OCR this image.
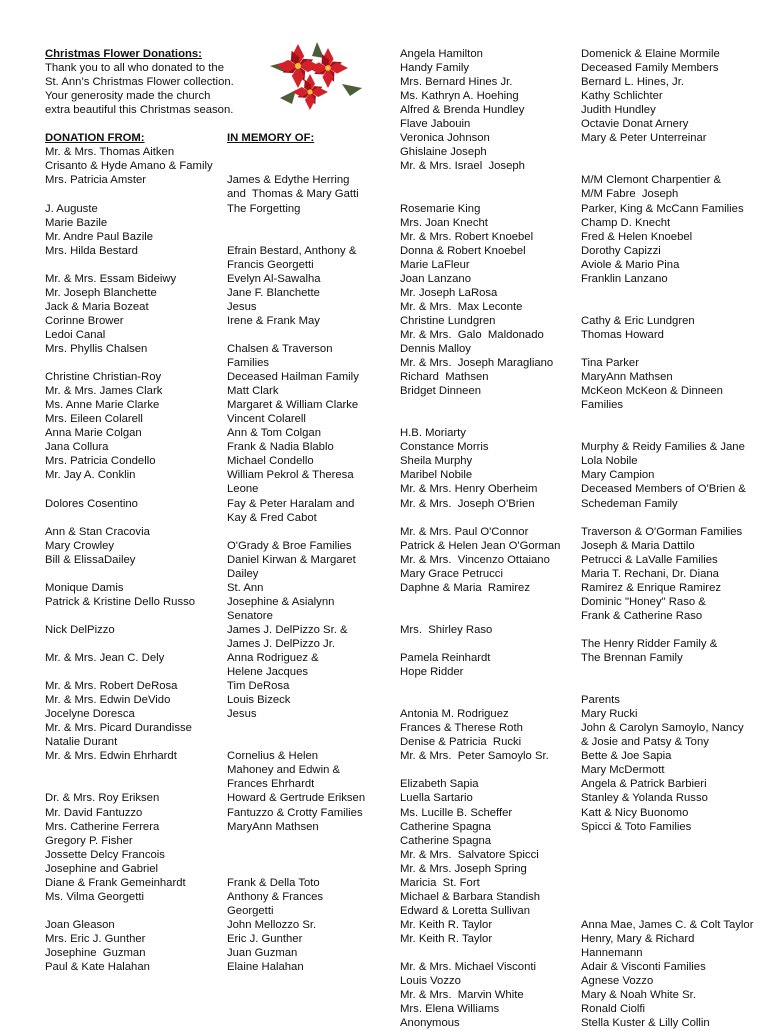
Christmas Flower Donations:
Thank you to all who donated to the
St. Ann’s Christmas Flower collection.
Your generosity made the church
extra beautiful this Christmas season.
DONATION FROM:
Mr. & Mrs. Thomas Aitken
Crisanto & Hyde Amano & Family
Mrs. Patricia Amster
J. Auguste
Marie Bazile
Mr. Andre Paul Bazile
Mrs. Hilda Bestard
Mr. & Mrs. Essam Bideiwy
Mr. Joseph Blanchette
Jack & Maria Bozeat
Corinne Brower
Ledoi Canal
Mrs. Phyllis Chalsen
Christine Christian-Roy
Mr. & Mrs. James Clark
Ms. Anne Marie Clarke
Mrs. Eileen Colarell
Anna Marie Colgan
Jana Collura
Mrs. Patricia Condello
Mr. Jay A. Conklin
Dolores Cosentino
Ann & Stan Cracovia
Mary Crowley
Bill & ElissaDailey
Monique Damis
Patrick & Kristine Dello Russo
Nick DelPizzo
Mr. & Mrs. Jean C. Dely
Mr. & Mrs. Robert DeRosa
Mr. & Mrs. Edwin DeVido
Jocelyne Doresca
Mr. & Mrs. Picard Durandisse
Natalie Durant
Mr. & Mrs. Edwin Ehrhardt
Dr. & Mrs. Roy Eriksen
Mr. David Fantuzzo
Mrs. Catherine Ferrera
Gregory P. Fisher
Jossette Delcy Francois
Josephine and Gabriel
Diane & Frank Gemeinhardt
Ms. Vilma Georgetti
Joan Gleason
Mrs. Eric J. Gunther
Josephine  Guzman
Paul & Kate Halahan
IN MEMORY OF:
James & Edythe Herring
and  Thomas & Mary Gatti
The Forgetting
Efrain Bestard, Anthony &
Francis Georgetti
Evelyn Al-Sawalha
Jane F. Blanchette
Jesus
Irene & Frank May
Chalsen & Traverson
Families
Deceased Hailman Family
Matt Clark
Margaret & William Clarke
Vincent Colarell
Ann & Tom Colgan
Frank & Nadia Blablo
Michael Condello
William Pekrol & Theresa
Leone
Fay & Peter Haralam and
Kay & Fred Cabot
O'Grady & Broe Families
Daniel Kirwan & Margaret
Dailey
St. Ann
Josephine & Asialynn
Senatore
James J. DelPizzo Sr. &
James J. DelPizzo Jr.
Anna Rodriguez &
Helene Jacques
Tim DeRosa
Louis Bizeck
Jesus
Cornelius & Helen
Mahoney and Edwin &
Frances Ehrhardt
Howard & Gertrude Eriksen
Fantuzzo & Crotty Families
MaryAnn Mathsen
Frank & Della Toto
Anthony & Frances
Georgetti
John Mellozzo Sr.
Eric J. Gunther
Juan Guzman
Elaine Halahan
Angela Hamilton
Handy Family
Mrs. Bernard Hines Jr.
Ms. Kathryn A. Hoehing
Alfred & Brenda Hundley
Flave Jabouin
Veronica Johnson
Ghislaine Joseph
Mr. & Mrs. Israel  Joseph
Rosemarie King
Mrs. Joan Knecht
Mr. & Mrs. Robert Knoebel
Donna & Robert Knoebel
Marie LaFleur
Joan Lanzano
Mr. Joseph LaRosa
Mr. & Mrs.  Max Leconte
Christine Lundgren
Mr. & Mrs.  Galo  Maldonado
Dennis Malloy
Mr. & Mrs.  Joseph Maragliano
Richard  Mathsen
Bridget Dinneen
H.B. Moriarty
Constance Morris
Sheila Murphy
Maribel Nobile
Mr. & Mrs. Henry Oberheim
Mr. & Mrs.  Joseph O'Brien
Mr. & Mrs. Paul O'Connor
Patrick & Helen Jean O'Gorman
Mr. & Mrs.  Vincenzo Ottaiano
Mary Grace Petrucci
Daphne & Maria  Ramirez
Mrs.  Shirley Raso
Pamela Reinhardt
Hope Ridder
Antonia M. Rodriguez
Frances & Therese Roth
Denise & Patricia  Rucki
Mr. & Mrs.  Peter Samoylo Sr.
Elizabeth Sapia
Luella Sartario
Ms. Lucille B. Scheffer
Catherine Spagna
Catherine Spagna
Mr. & Mrs.  Salvatore Spicci
Mr. & Mrs. Joseph Spring
Maricia  St. Fort
Michael & Barbara Standish
Edward & Loretta Sullivan
Mr. Keith R. Taylor
Mr. Keith R. Taylor
Mr. & Mrs. Michael Visconti
Louis Vozzo
Mr. & Mrs.  Marvin White
Mrs. Elena Williams
Anonymous
Domenick & Elaine Mormile
Deceased Family Members
Bernard L. Hines, Jr.
Kathy Schlichter
Judith Hundley
Octavie Donat Arnery
Mary & Peter Unterreinar
M/M Clemont Charpentier &
M/M Fabre  Joseph
Parker, King & McCann Families
Champ D. Knecht
Fred & Helen Knoebel
Dorothy Capizzi
Aviole & Mario Pina
Franklin Lanzano
Cathy & Eric Lundgren
Thomas Howard
Tina Parker
MaryAnn Mathsen
McKeon McKeon & Dinneen
Families
Murphy & Reidy Families & Jane
Lola Nobile
Mary Campion
Deceased Members of O'Brien &
Schedeman Family
Traverson & O'Gorman Families
Joseph & Maria Dattilo
Petrucci & LaValle Families
Maria T. Rechani, Dr. Diana
Ramirez & Enrique Ramirez
Dominic "Honey" Raso &
Frank & Catherine Raso
The Henry Ridder Family &
The Brennan Family
Parents
Mary Rucki
John & Carolyn Samoylo, Nancy
& Josie and Patsy & Tony
Bette & Joe Sapia
Mary McDermott
Angela & Patrick Barbieri
Stanley & Yolanda Russo
Katt & Nicy Buonomo
Spicci & Toto Families
Anna Mae, James C. & Colt Taylor
Henry, Mary & Richard
Hannemann
Adair & Visconti Families
Agnese Vozzo
Mary & Noah White Sr.
Ronald Ciolfi
Stella Kuster & Lilly Collin
